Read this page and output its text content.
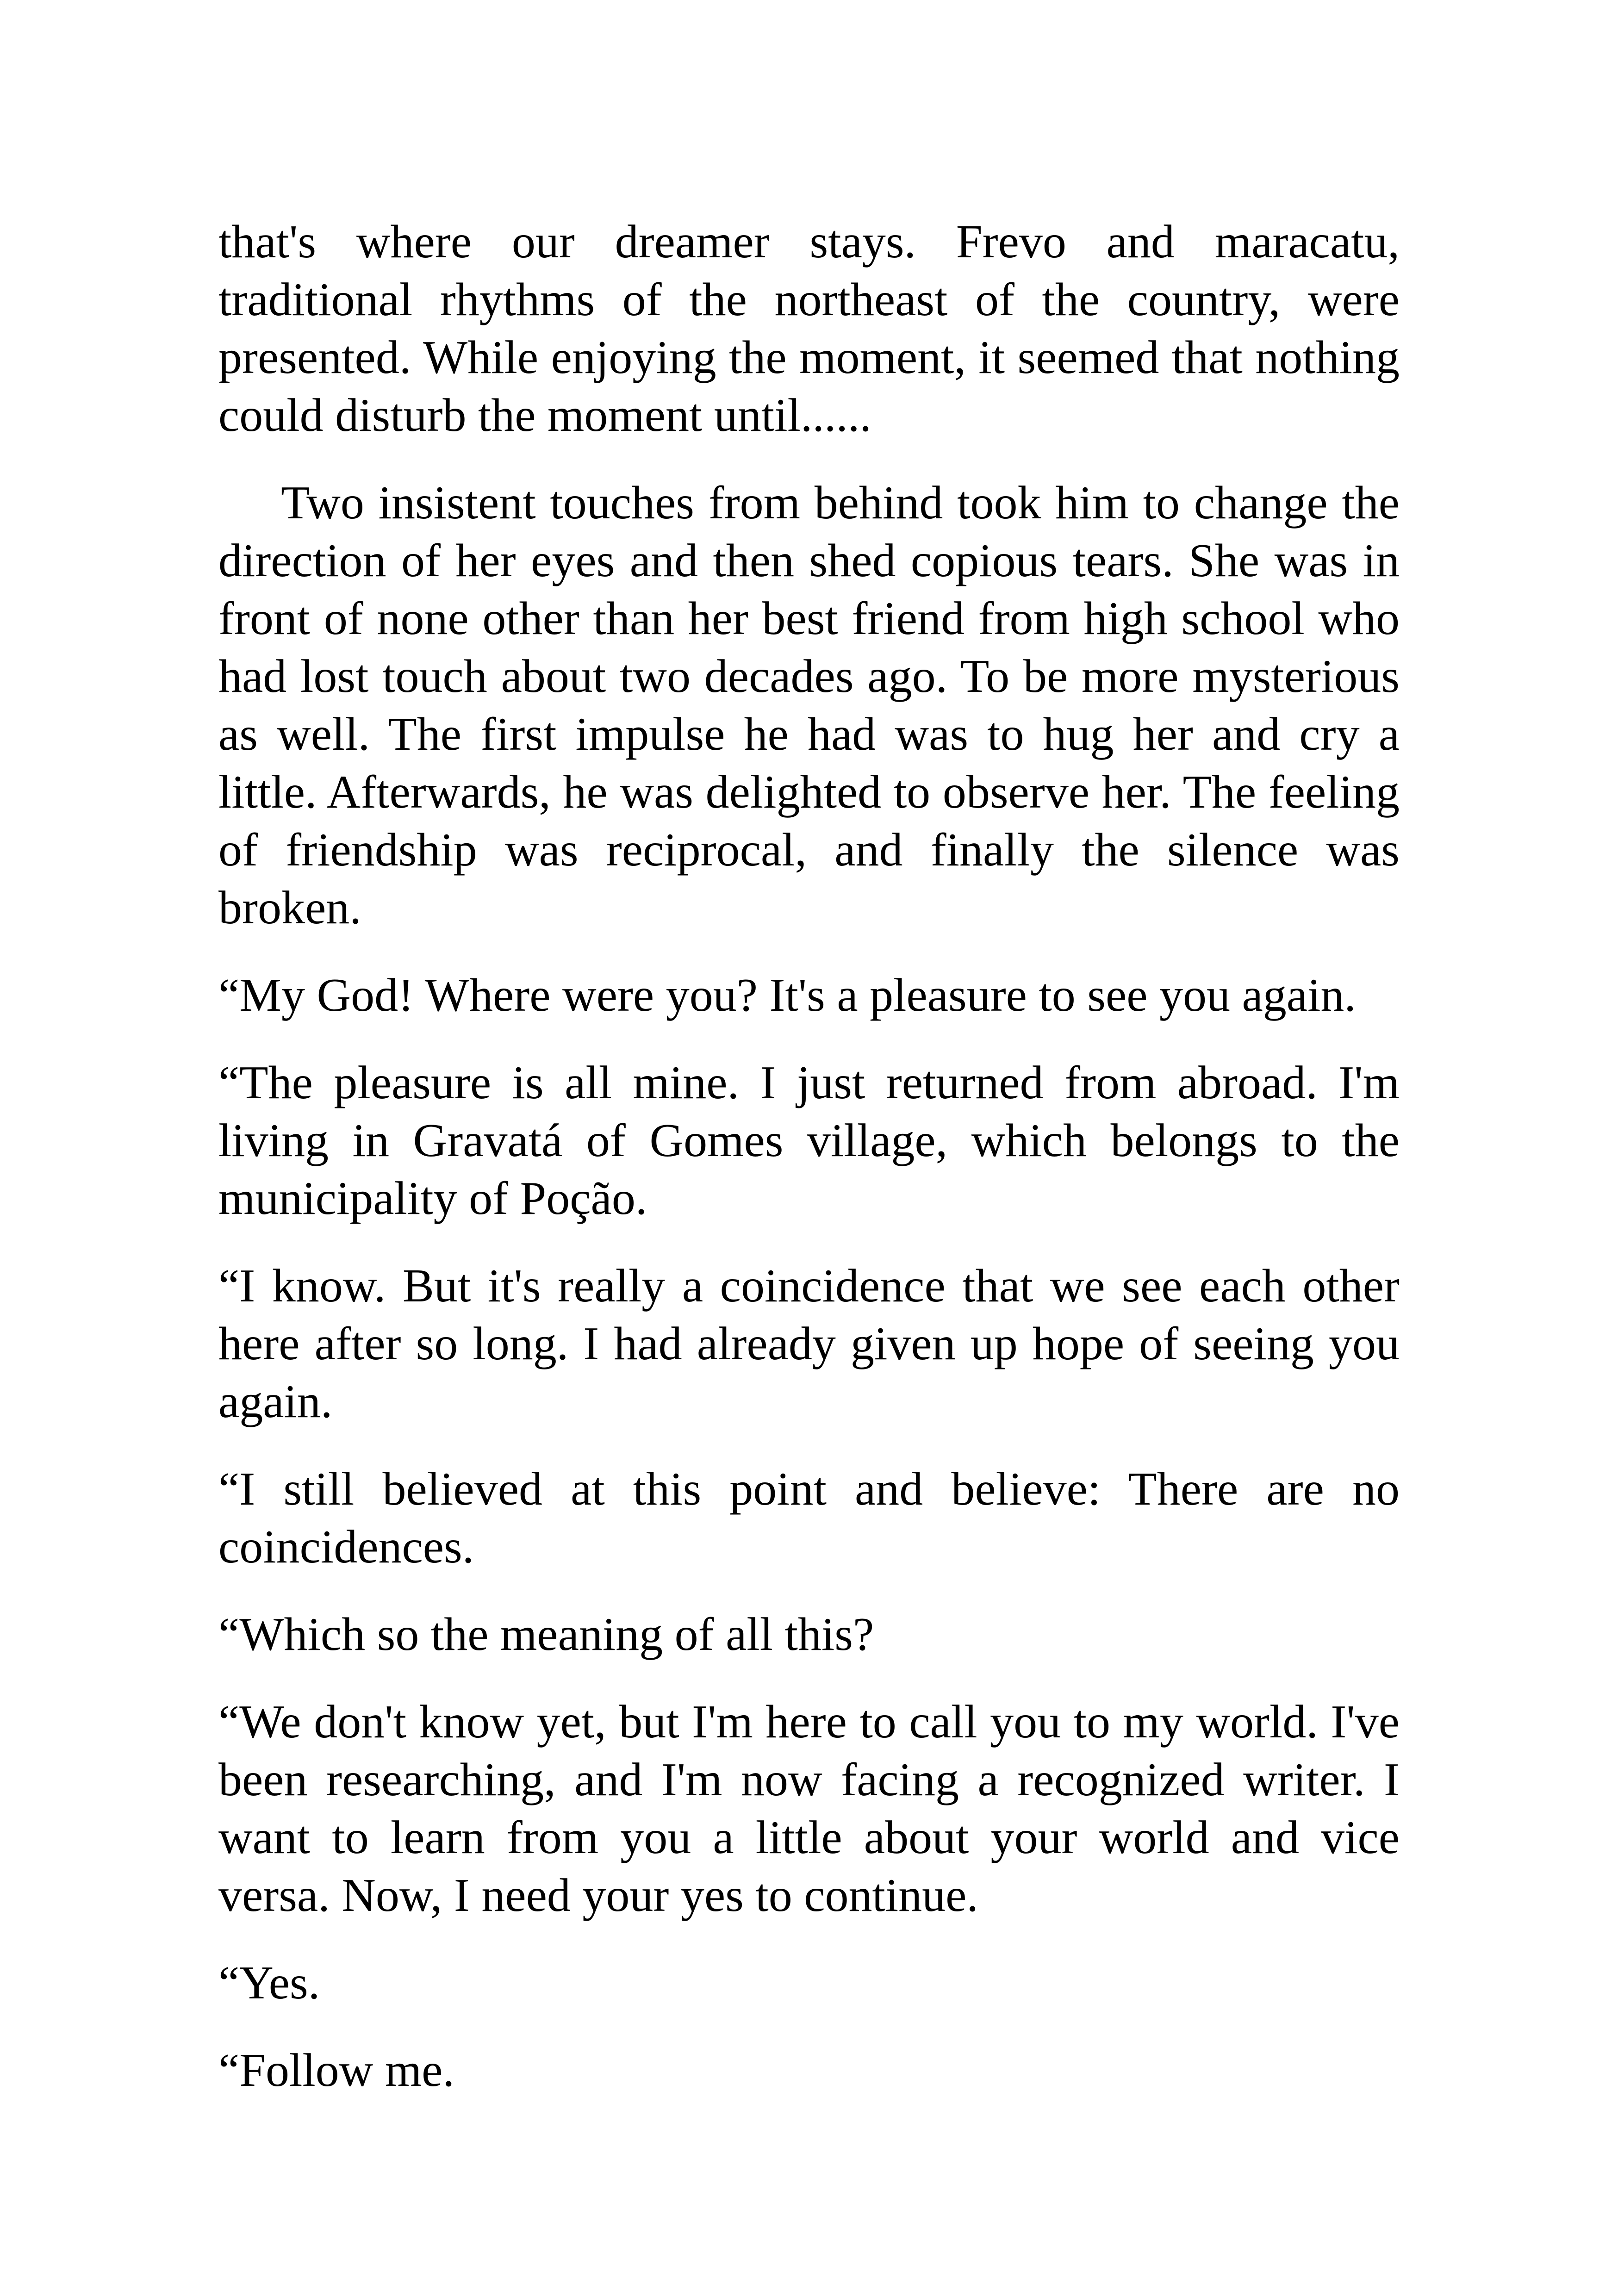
that's where our dreamer stays. Frevo and maracatu, traditional rhythms of the northeast of the country, were presented. While enjoying the moment, it seemed that nothing could disturb the moment until......

Two insistent touches from behind took him to change the direction of her eyes and then shed copious tears. She was in front of none other than her best friend from high school who had lost touch about two decades ago. To be more mysterious as well. The first impulse he had was to hug her and cry a little. Afterwards, he was delighted to observe her. The feeling of friendship was reciprocal, and finally the silence was broken.

“My God! Where were you? It's a pleasure to see you again.

“The pleasure is all mine. I just returned from abroad. I'm living in Gravatá of Gomes village, which belongs to the municipality of Poção.

“I know. But it's really a coincidence that we see each other here after so long. I had already given up hope of seeing you again.

“I still believed at this point and believe: There are no coincidences.

“Which so the meaning of all this?

“We don't know yet, but I'm here to call you to my world. I've been researching, and I'm now facing a recognized writer. I want to learn from you a little about your world and vice versa. Now, I need your yes to continue.

“Yes.

“Follow me.
